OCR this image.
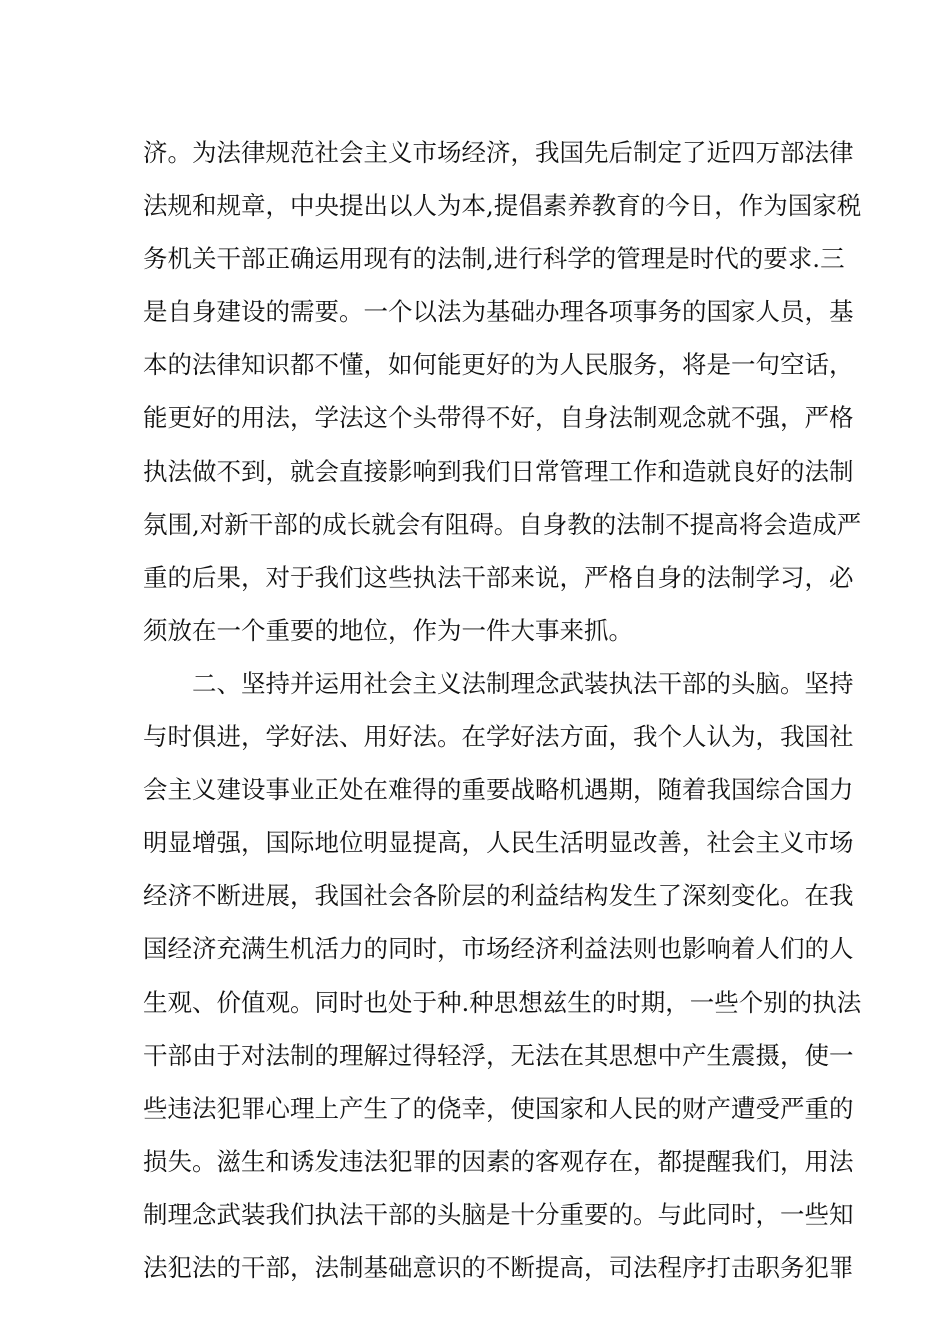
济。为法律规范社会主义市场经济，我国先后制定了近四万部法律
法规和规章，中央提出以人为本,提倡素养教育的今日，作为国家税
务机关干部正确运用现有的法制,进行科学的管理是时代的要求.三
是自身建设的需要。一个以法为基础办理各项事务的国家人员，基
本的法律知识都不懂，如何能更好的为人民服务，将是一句空话，
能更好的用法，学法这个头带得不好，自身法制观念就不强，严格
执法做不到，就会直接影响到我们日常管理工作和造就良好的法制
氛围,对新干部的成长就会有阻碍。自身教的法制不提高将会造成严
重的后果，对于我们这些执法干部来说，严格自身的法制学习，必
须放在一个重要的地位，作为一件大事来抓。
　　二、坚持并运用社会主义法制理念武装执法干部的头脑。坚持
与时俱进，学好法、用好法。在学好法方面，我个人认为，我国社
会主义建设事业正处在难得的重要战略机遇期，随着我国综合国力
明显增强，国际地位明显提高，人民生活明显改善，社会主义市场
经济不断进展，我国社会各阶层的利益结构发生了深刻变化。在我
国经济充满生机活力的同时，市场经济利益法则也影响着人们的人
生观、价值观。同时也处于种.种思想兹生的时期，一些个别的执法
干部由于对法制的理解过得轻浮，无法在其思想中产生震摄，使一
些违法犯罪心理上产生了的侥幸，使国家和人民的财产遭受严重的
损失。滋生和诱发违法犯罪的因素的客观存在，都提醒我们，用法
制理念武装我们执法干部的头脑是十分重要的。与此同时，一些知
法犯法的干部，法制基础意识的不断提高，司法程序打击职务犯罪
